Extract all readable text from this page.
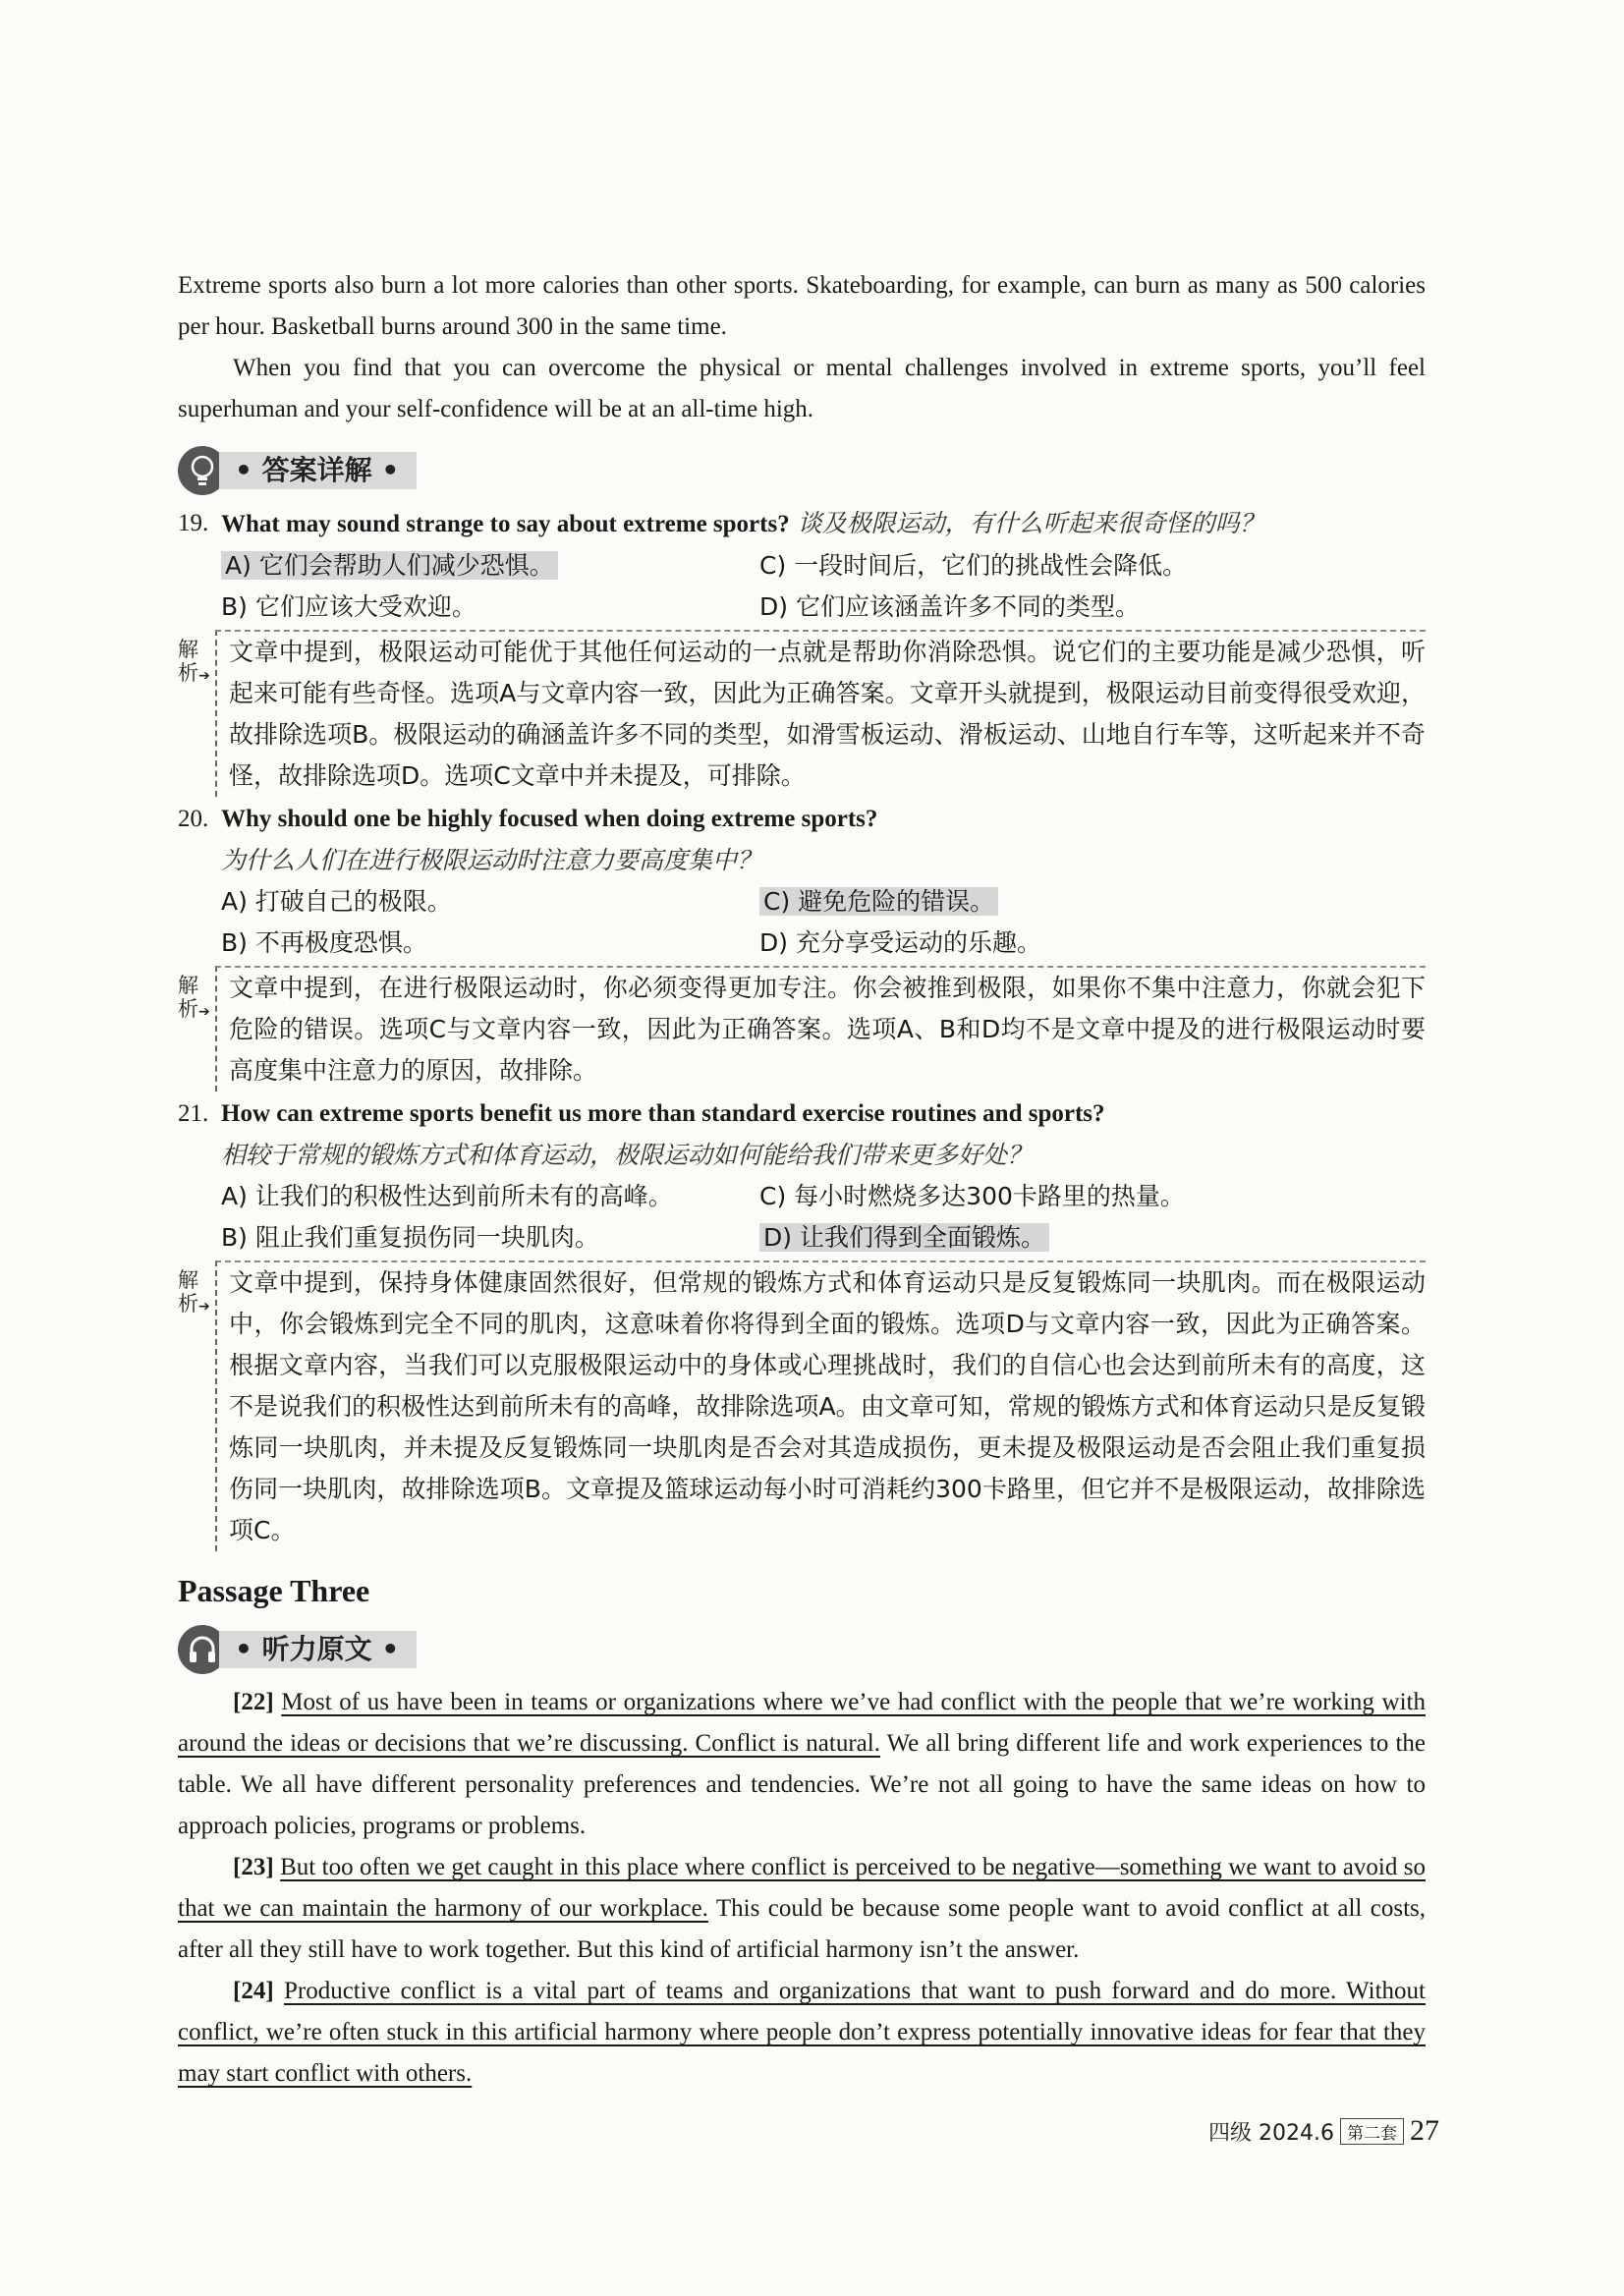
Extreme sports also burn a lot more calories than other sports. Skateboarding, for example, can burn as many as 500 calories per hour. Basketball burns around 300 in the same time.

When you find that you can overcome the physical or mental challenges involved in extreme sports, you’ll feel superhuman and your self-confidence will be at an all-time high.

• 答案详解 •
19. What may sound strange to say about extreme sports? 谈及极限运动，有什么听起来很奇怪的吗？
A) 它们会帮助人们减少恐惧。	C) 一段时间后，它们的挑战性会降低。
B) 它们应该大受欢迎。	D) 它们应该涵盖许多不同的类型。
解析➔
文章中提到，极限运动可能优于其他任何运动的一点就是帮助你消除恐惧。说它们的主要功能是减少恐惧，听起来可能有些奇怪。选项A与文章内容一致，因此为正确答案。文章开头就提到，极限运动目前变得很受欢迎，故排除选项B。极限运动的确涵盖许多不同的类型，如滑雪板运动、滑板运动、山地自行车等，这听起来并不奇怪，故排除选项D。选项C文章中并未提及，可排除。
20. Why should one be highly focused when doing extreme sports?
为什么人们在进行极限运动时注意力要高度集中？
A) 打破自己的极限。	C) 避免危险的错误。
B) 不再极度恐惧。	D) 充分享受运动的乐趣。
解析➔
文章中提到，在进行极限运动时，你必须变得更加专注。你会被推到极限，如果你不集中注意力，你就会犯下危险的错误。选项C与文章内容一致，因此为正确答案。选项A、B和D均不是文章中提及的进行极限运动时要高度集中注意力的原因，故排除。
21. How can extreme sports benefit us more than standard exercise routines and sports?
相较于常规的锻炼方式和体育运动，极限运动如何能给我们带来更多好处？
A) 让我们的积极性达到前所未有的高峰。	C) 每小时燃烧多达300卡路里的热量。
B) 阻止我们重复损伤同一块肌肉。	D) 让我们得到全面锻炼。
解析➔
文章中提到，保持身体健康固然很好，但常规的锻炼方式和体育运动只是反复锻炼同一块肌肉。而在极限运动中，你会锻炼到完全不同的肌肉，这意味着你将得到全面的锻炼。选项D与文章内容一致，因此为正确答案。根据文章内容，当我们可以克服极限运动中的身体或心理挑战时，我们的自信心也会达到前所未有的高度，这不是说我们的积极性达到前所未有的高峰，故排除选项A。由文章可知，常规的锻炼方式和体育运动只是反复锻炼同一块肌肉，并未提及反复锻炼同一块肌肉是否会对其造成损伤，更未提及极限运动是否会阻止我们重复损伤同一块肌肉，故排除选项B。文章提及篮球运动每小时可消耗约300卡路里，但它并不是极限运动，故排除选项C。
Passage Three
• 听力原文 •

[22] Most of us have been in teams or organizations where we’ve had conflict with the people that we’re working with around the ideas or decisions that we’re discussing. Conflict is natural. We all bring different life and work experiences to the table. We all have different personality preferences and tendencies. We’re not all going to have the same ideas on how to approach policies, programs or problems.

[23] But too often we get caught in this place where conflict is perceived to be negative—something we want to avoid so that we can maintain the harmony of our workplace. This could be because some people want to avoid conflict at all costs, after all they still have to work together. But this kind of artificial harmony isn’t the answer.

[24] Productive conflict is a vital part of teams and organizations that want to push forward and do more. Without conflict, we’re often stuck in this artificial harmony where people don’t express potentially innovative ideas for fear that they may start conflict with others.

四级 2024.6 第二套 27
